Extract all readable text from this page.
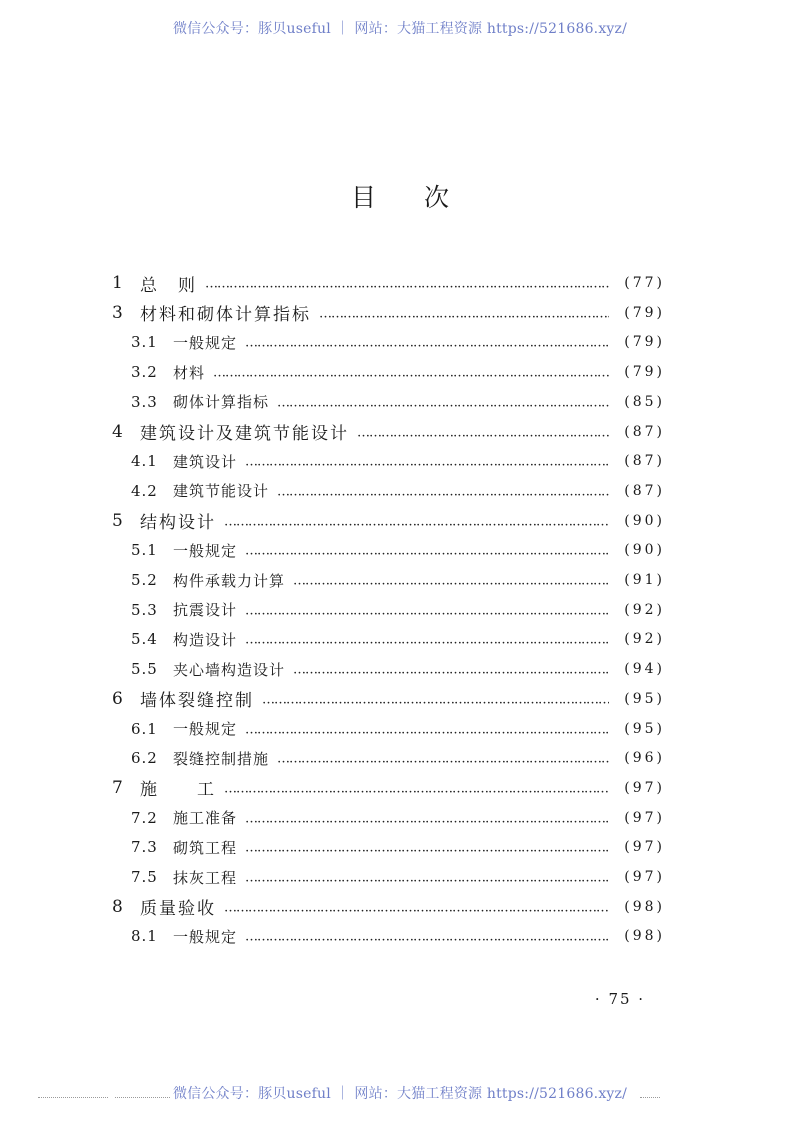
微信公众号：豚贝useful ｜ 网站：大猫工程资源 https://521686.xyz/
目次
1 总　则 …………………………………………………………………………………………………………………………………………………………………………………………	(77)
3 材料和砌体计算指标 …………………………………………………………………………………………………………………………………………………………………………………………	(79)
3.1	一般规定 …………………………………………………………………………………………………………………………………………………………………………………………	(79)
3.2	材料 …………………………………………………………………………………………………………………………………………………………………………………………	(79)
3.3	砌体计算指标 …………………………………………………………………………………………………………………………………………………………………………………………	(85)
4 建筑设计及建筑节能设计 …………………………………………………………………………………………………………………………………………………………………………………………	(87)
4.1	建筑设计 …………………………………………………………………………………………………………………………………………………………………………………………	(87)
4.2	建筑节能设计 …………………………………………………………………………………………………………………………………………………………………………………………	(87)
5 结构设计 …………………………………………………………………………………………………………………………………………………………………………………………	(90)
5.1	一般规定 …………………………………………………………………………………………………………………………………………………………………………………………	(90)
5.2	构件承载力计算 …………………………………………………………………………………………………………………………………………………………………………………………	(91)
5.3	抗震设计 …………………………………………………………………………………………………………………………………………………………………………………………	(92)
5.4	构造设计 …………………………………………………………………………………………………………………………………………………………………………………………	(92)
5.5	夹心墙构造设计 …………………………………………………………………………………………………………………………………………………………………………………………	(94)
6 墙体裂缝控制 …………………………………………………………………………………………………………………………………………………………………………………………	(95)
6.1	一般规定 …………………………………………………………………………………………………………………………………………………………………………………………	(95)
6.2	裂缝控制措施 …………………………………………………………………………………………………………………………………………………………………………………………	(96)
7 施　　工 …………………………………………………………………………………………………………………………………………………………………………………………	(97)
7.2	施工准备 …………………………………………………………………………………………………………………………………………………………………………………………	(97)
7.3	砌筑工程 …………………………………………………………………………………………………………………………………………………………………………………………	(97)
7.5	抹灰工程 …………………………………………………………………………………………………………………………………………………………………………………………	(97)
8 质量验收 …………………………………………………………………………………………………………………………………………………………………………………………	(98)
8.1	一般规定 …………………………………………………………………………………………………………………………………………………………………………………………	(98)
· 75 ·
微信公众号：豚贝useful ｜ 网站：大猫工程资源 https://521686.xyz/
